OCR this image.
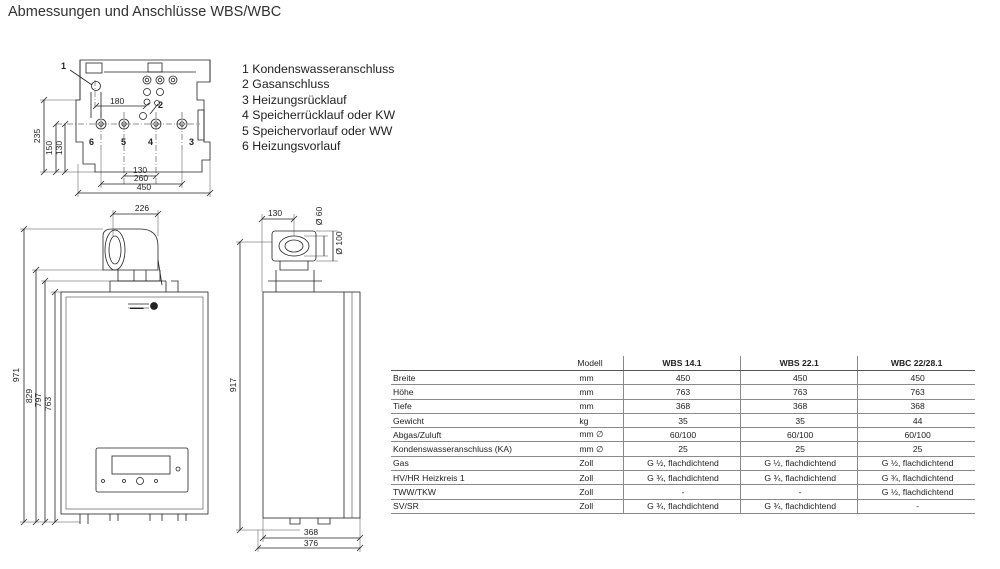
Abmessungen und Anschlüsse WBS/WBC
▬▬▬
1
2
3
4
5
6
180
235
150 130
130
260
450
226
971
829 797 763
130	Ø 60
Ø 100
917
368
376
1 Kondenswasseranschluss
2 Gasanschluss
3 Heizungsrücklauf
4 Speicherrücklauf oder KW
5 Speichervorlauf oder WW
6 Heizungsvorlauf
	Modell	WBS 14.1	WBS 22.1	WBC 22/28.1
Breite	mm	450	450	450
Höhe	mm	763	763	763
Tiefe	mm	368	368	368
Gewicht	kg	35	35	44
Abgas/Zuluft	mm ∅	60/100	60/100	60/100
Kondenswasseranschluss (KA)	mm ∅	25	25	25
Gas	Zoll	G ½, flachdichtend	G ½, flachdichtend	G ½, flachdichtend
HV/HR Heizkreis 1	Zoll	G ¾, flachdichtend	G ¾, flachdichtend	G ¾, flachdichtend
TWW/TKW	Zoll	-	-	G ½, flachdichtend
SV/SR	Zoll	G ¾, flachdichtend	G ¾, flachdichtend	-
